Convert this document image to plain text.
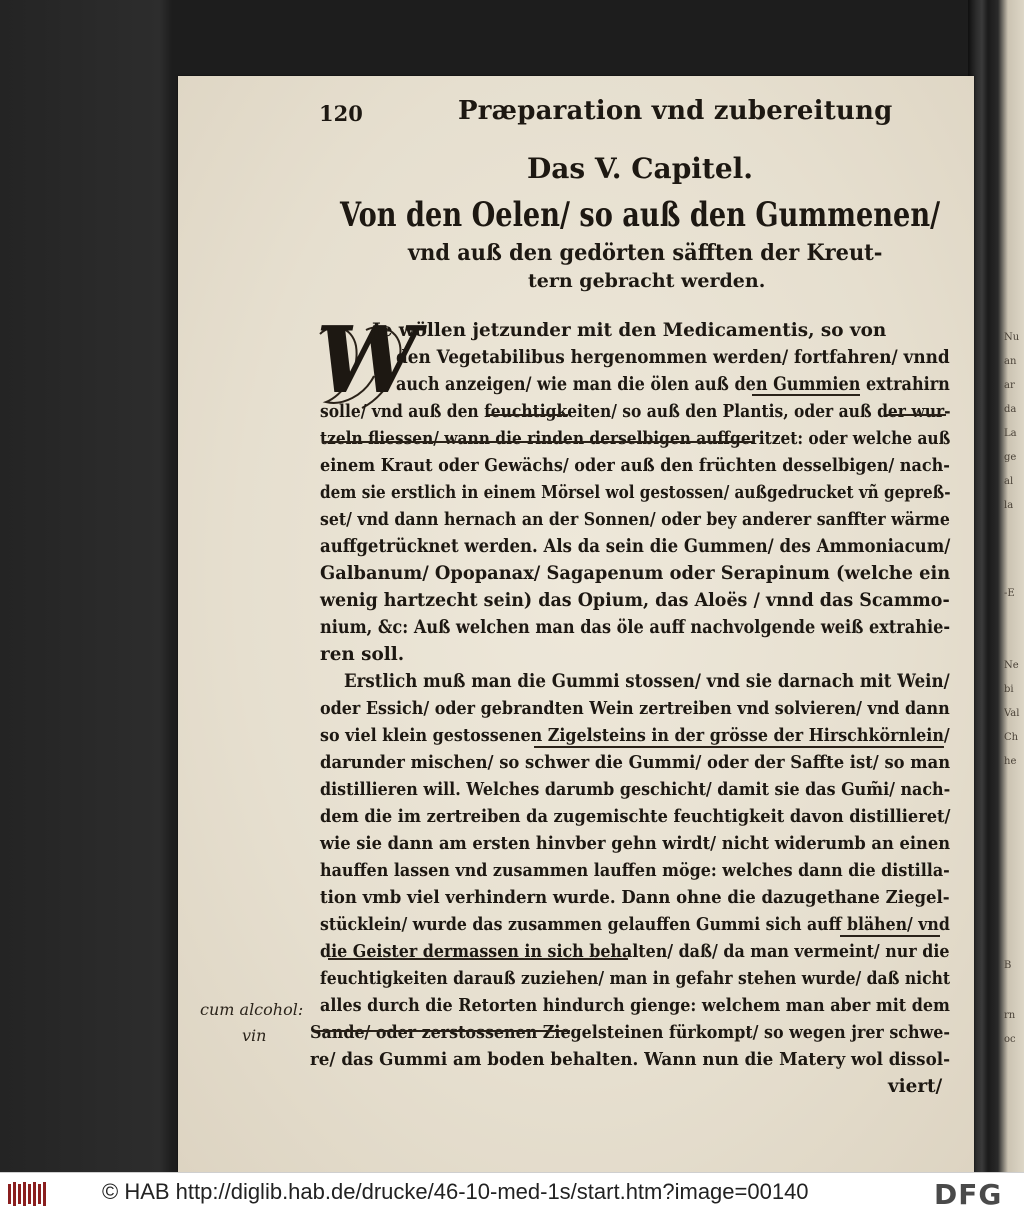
Nu
an
ar
da
La
ge
al
la
-E
Ne
bi
Val
Ch
he
B
rn
oc
120	Præparation vnd zubereitung
Das V. Capitel.
Von den Oelen/ so auß den Gummenen/
vnd auß den gedörten säfften der Kreut-
tern gebracht werden.
W
Je wöllen jetzunder mit den Medicamentis, so von
den Vegetabilibus hergenommen werden/ fortfahren/ vnnd
auch anzeigen/ wie man die ölen auß den Gummien extrahirn
solle/ vnd auß den feuchtigkeiten/ so auß den Plantis, oder auß der wur-
tzeln fliessen/ wann die rinden derselbigen auffgeritzet: oder welche auß
einem Kraut oder Gewächs/ oder auß den früchten desselbigen/ nach-
dem sie erstlich in einem Mörsel wol gestossen/ außgedrucket vñ gepreß-
set/ vnd dann hernach an der Sonnen/ oder bey anderer sanffter wärme
auffgetrücknet werden. Als da sein die Gummen/ des Ammoniacum/
Galbanum/ Opopanax/ Sagapenum oder Serapinum (welche ein
wenig hartzecht sein) das Opium, das Aloës / vnnd das Scammo-
nium, &c: Auß welchen man das öle auff nachvolgende weiß extrahie-
ren soll.
Erstlich muß man die Gummi stossen/ vnd sie darnach mit Wein/
oder Essich/ oder gebrandten Wein zertreiben vnd solvieren/ vnd dann
so viel klein gestossenen Zigelsteins in der grösse der Hirschkörnlein/
darunder mischen/ so schwer die Gummi/ oder der Saffte ist/ so man
distillieren will. Welches darumb geschicht/ damit sie das Gum̃i/ nach-
dem die im zertreiben da zugemischte feuchtigkeit davon distillieret/
wie sie dann am ersten hinvber gehn wirdt/ nicht widerumb an einen
hauffen lassen vnd zusammen lauffen möge: welches dann die distilla-
tion vmb viel verhindern wurde. Dann ohne die dazugethane Ziegel-
stücklein/ wurde das zusammen gelauffen Gummi sich auff blähen/ vnd
die Geister dermassen in sich behalten/ daß/ da man vermeint/ nur die
feuchtigkeiten darauß zuziehen/ man in gefahr stehen wurde/ daß nicht
alles durch die Retorten hindurch gienge: welchem man aber mit dem
Sande/ oder zerstossenen Ziegelsteinen fürkompt/ so wegen jrer schwe-
re/ das Gummi am boden behalten. Wann nun die Matery wol dissol-
viert/
cum alcohol:
vin
© HAB http://diglib.hab.de/drucke/46-10-med-1s/start.htm?image=00140	DFG
